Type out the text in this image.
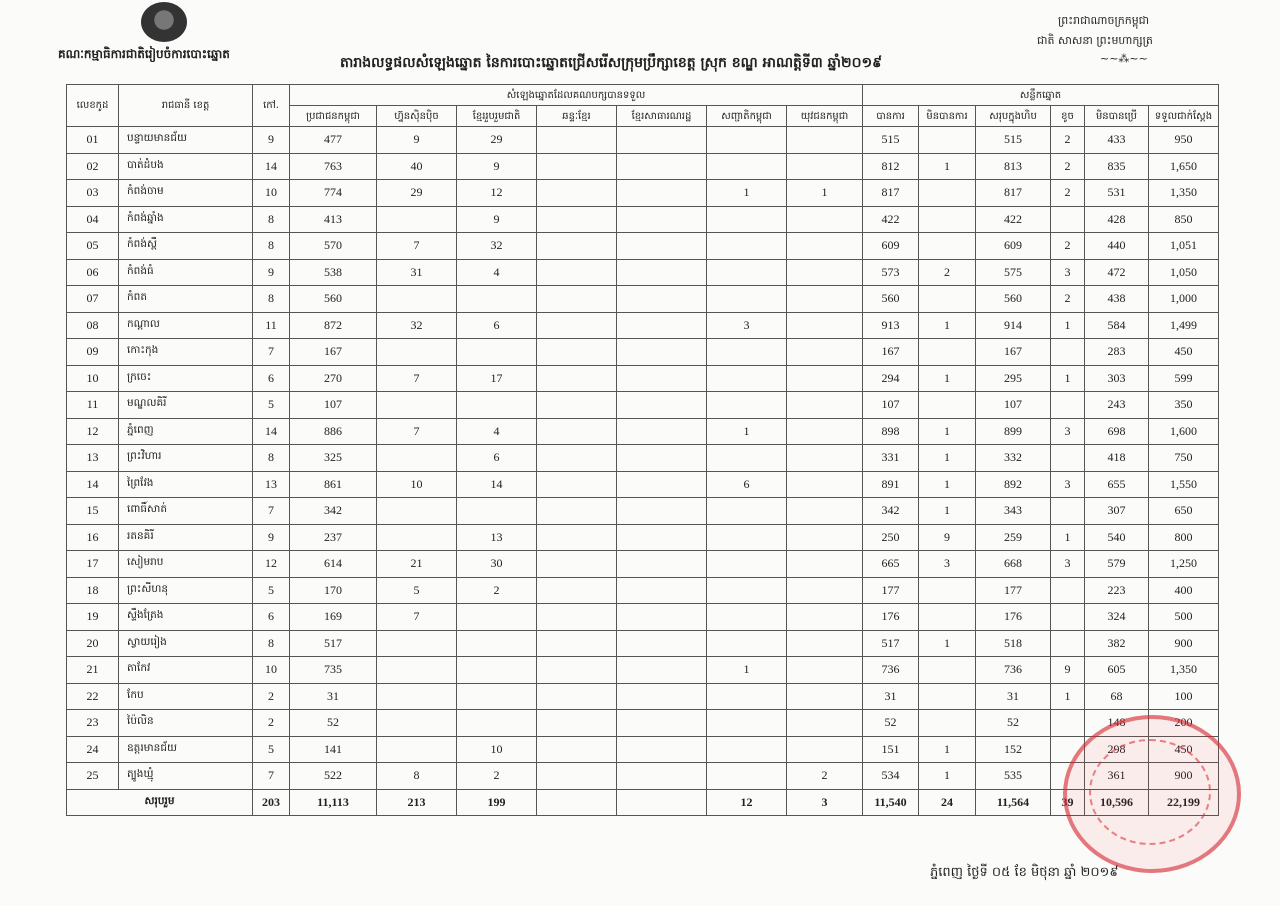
គណៈកម្មាធិការជាតិរៀបចំការបោះឆ្នោត
តារាងលទ្ធផលសំឡេងឆ្នោត នៃការបោះឆ្នោតជ្រើសរើសក្រុមប្រឹក្សាខេត្ត ស្រុក ខណ្ឌ អាណត្តិទី៣ ឆ្នាំ២០១៩
ព្រះរាជាណាចក្រកម្ពុជា
ជាតិ សាសនា ព្រះមហាក្សត្រ
~~⁂~~
លេខកូដ	រាជធានី ខេត្ត	កៅ.	សំឡេងឆ្នោតដែលគណបក្សបានទទួល							សន្លឹកឆ្នោត					
			ប្រជាជនកម្ពុជា	ហ្វ៊ុនស៊ិនប៉ិច	ខ្មែររួបរួមជាតិ	ឆន្ទៈខ្មែរ	ខ្មែរសាធារណរដ្ឋ	សញ្ជាតិកម្ពុជា	យុវជនកម្ពុជា	បានការ	មិនបានការ	សរុបក្នុងហិប	ខូច	មិនបានប្រើ	ទទួលជាក់ស្តែង
01	បន្ទាយមានជ័យ	9	477	9	29					515		515	2	433	950
02	បាត់ដំបង	14	763	40	9					812	1	813	2	835	1,650
03	កំពង់ចាម	10	774	29	12			1	1	817		817	2	531	1,350
04	កំពង់ឆ្នាំង	8	413		9					422		422		428	850
05	កំពង់ស្ពឺ	8	570	7	32					609		609	2	440	1,051
06	កំពង់ធំ	9	538	31	4					573	2	575	3	472	1,050
07	កំពត	8	560							560		560	2	438	1,000
08	កណ្តាល	11	872	32	6			3		913	1	914	1	584	1,499
09	កោះកុង	7	167							167		167		283	450
10	ក្រចេះ	6	270	7	17					294	1	295	1	303	599
11	មណ្ឌលគិរី	5	107							107		107		243	350
12	ភ្នំពេញ	14	886	7	4			1		898	1	899	3	698	1,600
13	ព្រះវិហារ	8	325		6					331	1	332		418	750
14	ព្រៃវែង	13	861	10	14			6		891	1	892	3	655	1,550
15	ពោធិ៍សាត់	7	342							342	1	343		307	650
16	រតនគិរី	9	237		13					250	9	259	1	540	800
17	សៀមរាប	12	614	21	30					665	3	668	3	579	1,250
18	ព្រះសីហនុ	5	170	5	2					177		177		223	400
19	ស្ទឹងត្រែង	6	169	7						176		176		324	500
20	ស្វាយរៀង	8	517							517	1	518		382	900
21	តាកែវ	10	735					1		736		736	9	605	1,350
22	កែប	2	31							31		31	1	68	100
23	ប៉ៃលិន	2	52							52		52		148	200
24	ឧត្តរមានជ័យ	5	141		10					151	1	152		298	450
25	ត្បូងឃ្មុំ	7	522	8	2				2	534	1	535		361	900
សរុបរួម		203	11,113	213	199			12	3	11,540	24	11,564	39	10,596	22,199
ភ្នំពេញ ថ្ងៃទី ០៥ ខែ មិថុនា ឆ្នាំ ២០១៩
